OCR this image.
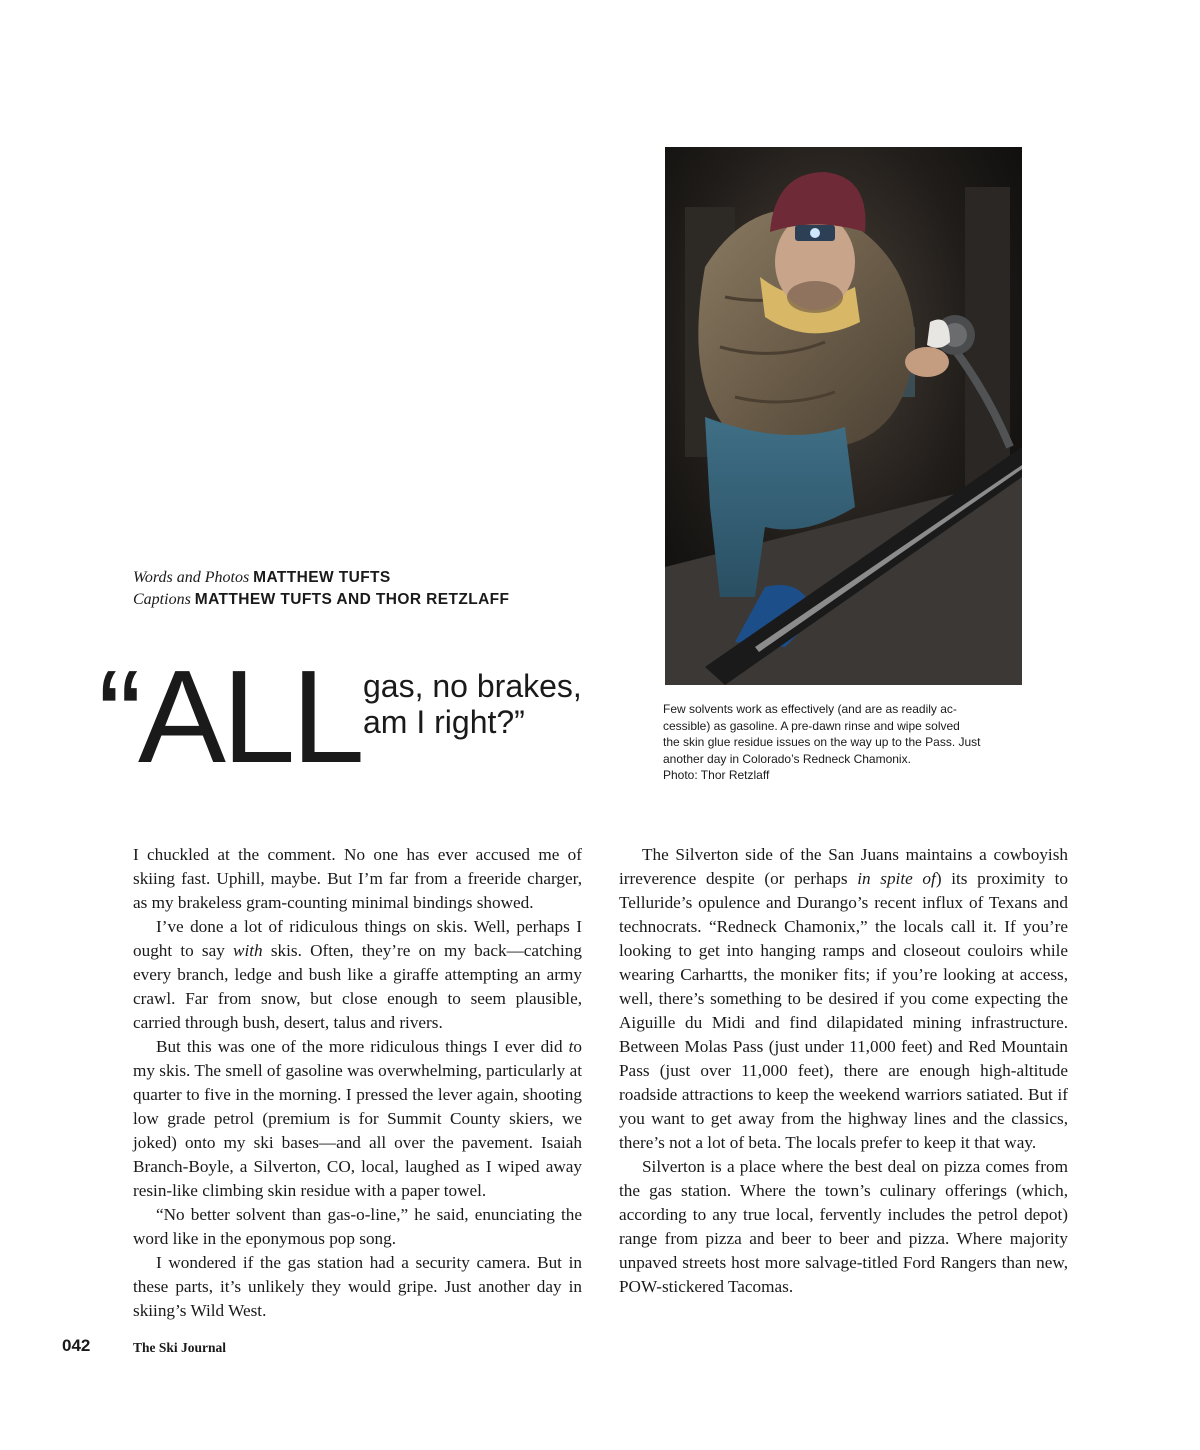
Words and Photos MATTHEW TUFTS
Captions MATTHEW TUFTS AND THOR RETZLAFF
“ALL gas, no brakes,
am I right?”	Few solvents work as effectively (and are as readily ac-
cessible) as gasoline. A pre-dawn rinse and wipe solved
the skin glue residue issues on the way up to the Pass. Just
another day in Colorado’s Redneck Chamonix.
Photo: Thor Retzlaff

I chuckled at the comment. No one has ever accused me of skiing fast. Uphill, maybe. But I’m far from a freeride charger, as my brakeless gram-counting minimal bindings showed.

I’ve done a lot of ridiculous things on skis. Well, perhaps I ought to say with skis. Often, they’re on my back—catching every branch, ledge and bush like a giraffe attempting an army crawl. Far from snow, but close enough to seem plausible, carried through bush, desert, talus and rivers.

But this was one of the more ridiculous things I ever did to my skis. The smell of gasoline was overwhelming, particularly at quarter to five in the morning. I pressed the lever again, shooting low grade petrol (premium is for Summit County skiers, we joked) onto my ski bases—and all over the pavement. Isaiah Branch-Boyle, a Silverton, CO, local, laughed as I wiped away resin-like climbing skin residue with a paper towel.

“No better solvent than gas-o-line,” he said, enunciating the word like in the eponymous pop song.

I wondered if the gas station had a security camera. But in these parts, it’s unlikely they would gripe. Just another day in skiing’s Wild West.

The Silverton side of the San Juans maintains a cowboyish irreverence despite (or perhaps in spite of) its proximity to Telluride’s opulence and Durango’s recent influx of Texans and technocrats. “Redneck Chamonix,” the locals call it. If you’re looking to get into hanging ramps and closeout couloirs while wearing Carhartts, the moniker fits; if you’re looking at access, well, there’s something to be desired if you come expecting the Aiguille du Midi and find dilapidated mining infrastructure. Between Molas Pass (just under 11,000 feet) and Red Mountain Pass (just over 11,000 feet), there are enough high-altitude roadside attractions to keep the weekend warriors satiated. But if you want to get away from the highway lines and the classics, there’s not a lot of beta. The locals prefer to keep it that way.

Silverton is a place where the best deal on pizza comes from the gas station. Where the town’s culinary offerings (which, according to any true local, fervently includes the petrol depot) range from pizza and beer to beer and pizza. Where majority unpaved streets host more salvage-titled Ford Rangers than new, POW-stickered Tacomas.

042	The Ski Journal
